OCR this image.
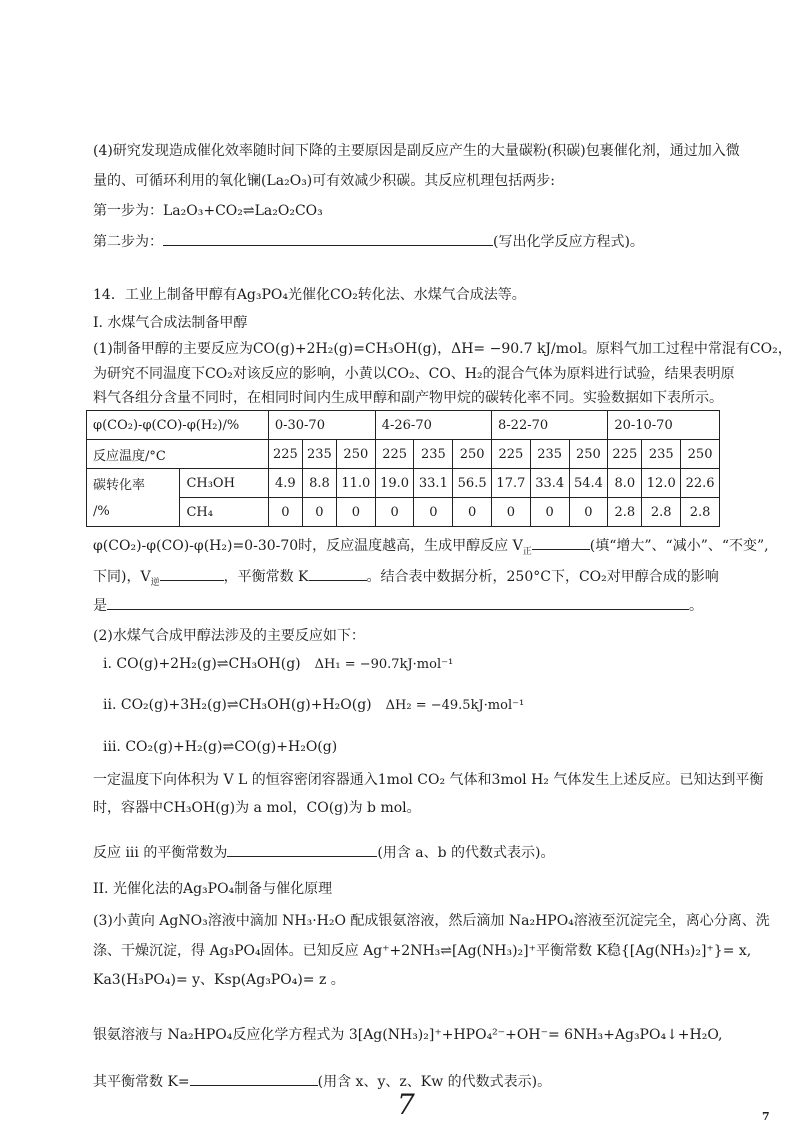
(4)研究发现造成催化效率随时间下降的主要原因是副反应产生的大量碳粉(积碳)包裹催化剂，通过加入微
量的、可循环利用的氧化镧(La₂O₃)可有效减少积碳。其反应机理包括两步:
第一步为：La₂O₃+CO₂⇌La₂O₂CO₃
第二步为：	(写出化学反应方程式)。
14．工业上制备甲醇有Ag₃PO₄光催化CO₂转化法、水煤气合成法等。
I. 水煤气合成法制备甲醇
(1)制备甲醇的主要反应为CO(g)+2H₂(g)=CH₃OH(g)，ΔH= −90.7 kJ/mol。原料气加工过程中常混有CO₂，
为研究不同温度下CO₂对该反应的影响，小黄以CO₂、CO、H₂的混合气体为原料进行试验，结果表明原
料气各组分含量不同时，在相同时间内生成甲醇和副产物甲烷的碳转化率不同。实验数据如下表所示。
φ(CO₂)-φ(CO)-φ(H₂)/%		0-30-70			4-26-70			8-22-70			20-10-70		
反应温度/°C		225	235	250	225	235	250	225	235	250	225	235	250
碳转化率	CH₃OH	4.9	8.8	11.0	19.0	33.1	56.5	17.7	33.4	54.4	8.0	12.0	22.6
/%	CH₄	0	0	0	0	0	0	0	0	0	2.8	2.8	2.8
φ(CO₂)-φ(CO)-φ(H₂)=0-30-70时，反应温度越高，生成甲醇反应 $V_正$	(填“增大”、“减小”、“不变”,
下同)，$V_逆$	，平衡常数 K	。结合表中数据分析，250°C下，CO₂对甲醇合成的影响
是	。
(2)水煤气合成甲醇法涉及的主要反应如下：
i. CO(g)+2H₂(g)⇌CH₃OH(g) ΔH₁ = −90.7kJ·mol⁻¹
ii. CO₂(g)+3H₂(g)⇌CH₃OH(g)+H₂O(g) ΔH₂ = −49.5kJ·mol⁻¹
iii. CO₂(g)+H₂(g)⇌CO(g)+H₂O(g)
一定温度下向体积为 V L 的恒容密闭容器通入1mol CO₂ 气体和3mol H₂ 气体发生上述反应。已知达到平衡
时，容器中CH₃OH(g)为 a mol，CO(g)为 b mol。
反应 iii 的平衡常数为	(用含 a、b 的代数式表示)。
II. 光催化法的Ag₃PO₄制备与催化原理
(3)小黄向 AgNO₃溶液中滴加 NH₃·H₂O 配成银氨溶液，然后滴加 Na₂HPO₄溶液至沉淀完全，离心分离、洗
涤、干燥沉淀，得 Ag₃PO₄固体。已知反应 Ag⁺+2NH₃⇌[Ag(NH₃)₂]⁺平衡常数 K稳{[Ag(NH₃)₂]⁺}= x,
Ka3(H₃PO₄)= y、Ksp(Ag₃PO₄)= z 。
银氨溶液与 Na₂HPO₄反应化学方程式为 3[Ag(NH₃)₂]⁺+HPO₄²⁻+OH⁻= 6NH₃+Ag₃PO₄↓+H₂O,
其平衡常数 K=	(用含 x、y、z、Kw 的代数式表示)。
7	7
